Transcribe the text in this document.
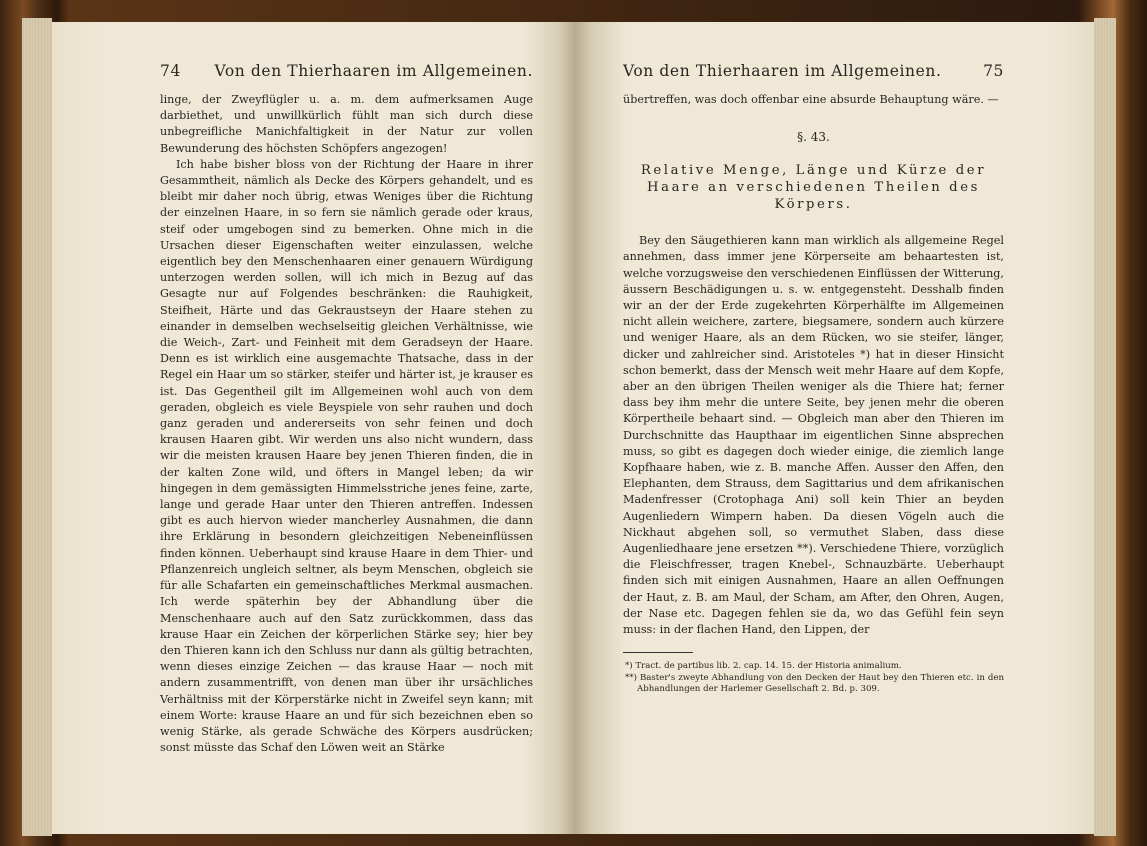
74 Von den Thierhaaren im Allgemeinen.

linge, der Zweyflügler u. a. m. dem aufmerksamen Auge darbiethet, und unwillkürlich fühlt man sich durch diese unbegreifliche Manichfaltigkeit in der Natur zur vollen Bewunderung des höchsten Schöpfers angezogen!

Ich habe bisher bloss von der Richtung der Haare in ihrer Gesammtheit, nämlich als Decke des Körpers gehandelt, und es bleibt mir daher noch übrig, etwas Weniges über die Richtung der einzelnen Haare, in so fern sie nämlich gerade oder kraus, steif oder umgebogen sind zu bemerken. Ohne mich in die Ursachen dieser Eigenschaften weiter einzulassen, welche eigentlich bey den Menschenhaaren einer genauern Würdigung unterzogen werden sollen, will ich mich in Bezug auf das Gesagte nur auf Folgendes beschränken: die Rauhigkeit, Steifheit, Härte und das Gekraustseyn der Haare stehen zu einander in demselben wechselseitig gleichen Verhältnisse, wie die Weich-, Zart- und Feinheit mit dem Geradseyn der Haare. Denn es ist wirklich eine ausgemachte Thatsache, dass in der Regel ein Haar um so stärker, steifer und härter ist, je krauser es ist. Das Gegentheil gilt im Allgemeinen wohl auch von dem geraden, obgleich es viele Beyspiele von sehr rauhen und doch ganz geraden und andererseits von sehr feinen und doch krausen Haaren gibt. Wir werden uns also nicht wundern, dass wir die meisten krausen Haare bey jenen Thieren finden, die in der kalten Zone wild, und öfters in Mangel leben; da wir hingegen in dem gemässigten Himmelsstriche jenes feine, zarte, lange und gerade Haar unter den Thieren antreffen. Indessen gibt es auch hiervon wieder mancherley Ausnahmen, die dann ihre Erklärung in besondern gleichzeitigen Nebeneinflüssen finden können. Ueberhaupt sind krause Haare in dem Thier- und Pflanzenreich ungleich seltner, als beym Menschen, obgleich sie für alle Schafarten ein gemeinschaftliches Merkmal ausmachen. Ich werde späterhin bey der Abhandlung über die Menschenhaare auch auf den Satz zurückkommen, dass das krause Haar ein Zeichen der körperlichen Stärke sey; hier bey den Thieren kann ich den Schluss nur dann als gültig betrachten, wenn dieses einzige Zeichen — das krause Haar — noch mit andern zusammentrifft, von denen man über ihr ursächliches Verhältniss mit der Körperstärke nicht in Zweifel seyn kann; mit einem Worte: krause Haare an und für sich bezeichnen eben so wenig Stärke, als gerade Schwäche des Körpers ausdrücken; sonst müsste das Schaf den Löwen weit an Stärke

Von den Thierhaaren im Allgemeinen.	75

übertreffen, was doch offenbar eine absurde Behauptung wäre. —

§. 43.
Relative Menge, Länge und Kürze der
Haare an verschiedenen Theilen des
Körpers.

Bey den Säugethieren kann man wirklich als allgemeine Regel annehmen, dass immer jene Körperseite am behaartesten ist, welche vorzugsweise den verschiedenen Einflüssen der Witterung, äussern Beschädigungen u. s. w. entgegensteht. Desshalb finden wir an der der Erde zugekehrten Körperhälfte im Allgemeinen nicht allein weichere, zartere, biegsamere, sondern auch kürzere und weniger Haare, als an dem Rücken, wo sie steifer, länger, dicker und zahlreicher sind. Aristoteles *) hat in dieser Hinsicht schon bemerkt, dass der Mensch weit mehr Haare auf dem Kopfe, aber an den übrigen Theilen weniger als die Thiere hat; ferner dass bey ihm mehr die untere Seite, bey jenen mehr die oberen Körpertheile behaart sind. — Obgleich man aber den Thieren im Durchschnitte das Haupthaar im eigentlichen Sinne absprechen muss, so gibt es dagegen doch wieder einige, die ziemlich lange Kopfhaare haben, wie z. B. manche Affen. Ausser den Affen, den Elephanten, dem Strauss, dem Sagittarius und dem afrikanischen Madenfresser (Crotophaga Ani) soll kein Thier an beyden Augenliedern Wimpern haben. Da diesen Vögeln auch die Nickhaut abgehen soll, so vermuthet Slaben, dass diese Augenliedhaare jene ersetzen **). Verschiedene Thiere, vorzüglich die Fleischfresser, tragen Knebel-, Schnauzbärte. Ueberhaupt finden sich mit einigen Ausnahmen, Haare an allen Oeffnungen der Haut, z. B. am Maul, der Scham, am After, den Ohren, Augen, der Nase etc. Dagegen fehlen sie da, wo das Gefühl fein seyn muss: in der flachen Hand, den Lippen, der

*) Tract. de partibus lib. 2. cap. 14. 15. der Historia animalium.

**) Baster's zweyte Abhandlung von den Decken der Haut bey den Thieren etc. in den Abhandlungen der Harlemer Gesellschaft 2. Bd. p. 309.
